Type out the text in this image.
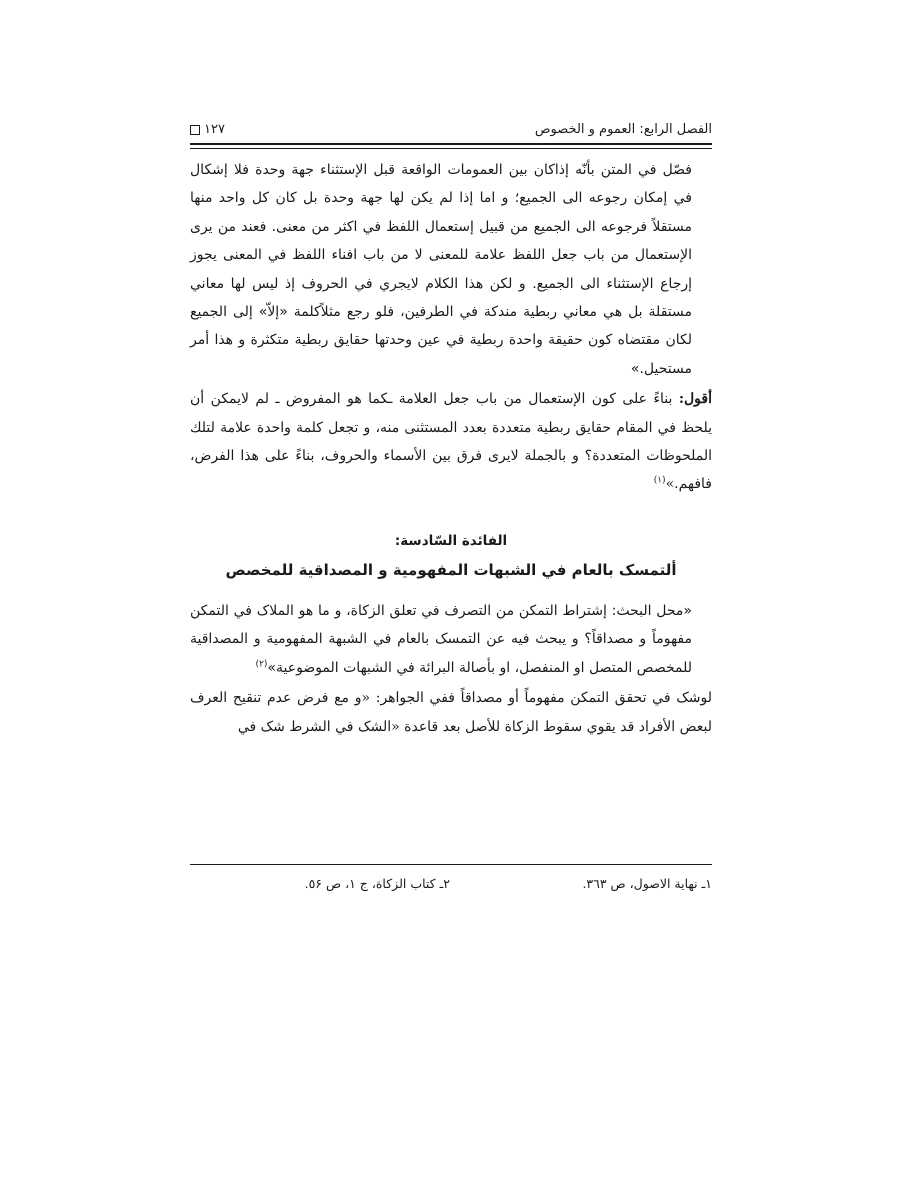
الفصل الرابع: العموم و الخصوص
١٢٧

فصّل في المتن بأنّه إذاكان بين العمومات الواقعة قبل الإستثناء جهة وحدة فلا إشكال في إمكان رجوعه الى الجميع؛ و اما إذا لم يكن لها جهة وحدة بل كان كل واحد منها مستقلاً فرجوعه الى الجميع من قبيل إستعمال اللفظ في اكثر من معنى. فعند من يرى الإستعمال من باب جعل اللفظ علامة للمعنى لا من باب افناء اللفظ في المعنى يجوز إرجاع الإستثناء الى الجميع. و لكن هذا الكلام لايجري في الحروف إذ ليس لها معاني مستقلة بل هي معاني ربطية مندكة في الطرفين، فلو رجع مثلاًكلمة «إلاّ» إلى الجميع لكان مقتضاه كون حقيقة واحدة ربطية في عين وحدتها حقايق ربطية متكثرة و هذا أمر مستحيل.»

أقول: بناءً على كون الإستعمال من باب جعل العلامة ـكما هو المفروض ـ لم لايمكن أن يلحظ في المقام حقايق ربطية متعددة بعدد المستثنى منه، و تجعل كلمة واحدة علامة لتلك الملحوظات المتعددة؟ و بالجملة لايرى فرق بين الأسماء والحروف، بناءً على هذا الفرض، فافهم.»$^{(١)}$

الفائدة السّادسة:
ألتمسک بالعام في الشبهات المفهومية و المصداقية للمخصص

«محل البحث: إشتراط التمكن من التصرف في تعلق الزكاة، و ما هو الملاک في التمكن مفهوماً و مصداقاً؟ و يبحث فيه عن التمسک بالعام في الشبهة المفهومية و المصداقية للمخصص المتصل او المنفصل، او بأصالة البرائة في الشبهات الموضوعية»$^{(٢)}$

لوشک في تحقق التمكن مفهوماً أو مصداقاً ففي الجواهر: «و مع فرض عدم تنقيح العرف لبعض الأفراد قد يقوي سقوط الزكاة للأصل بعد قاعدة «الشک في الشرط شک في

١ـ نهاية الاصول، ص ٣٦٣.
٢ـ كتاب الزكاة، ج ١، ص ٥۶.
